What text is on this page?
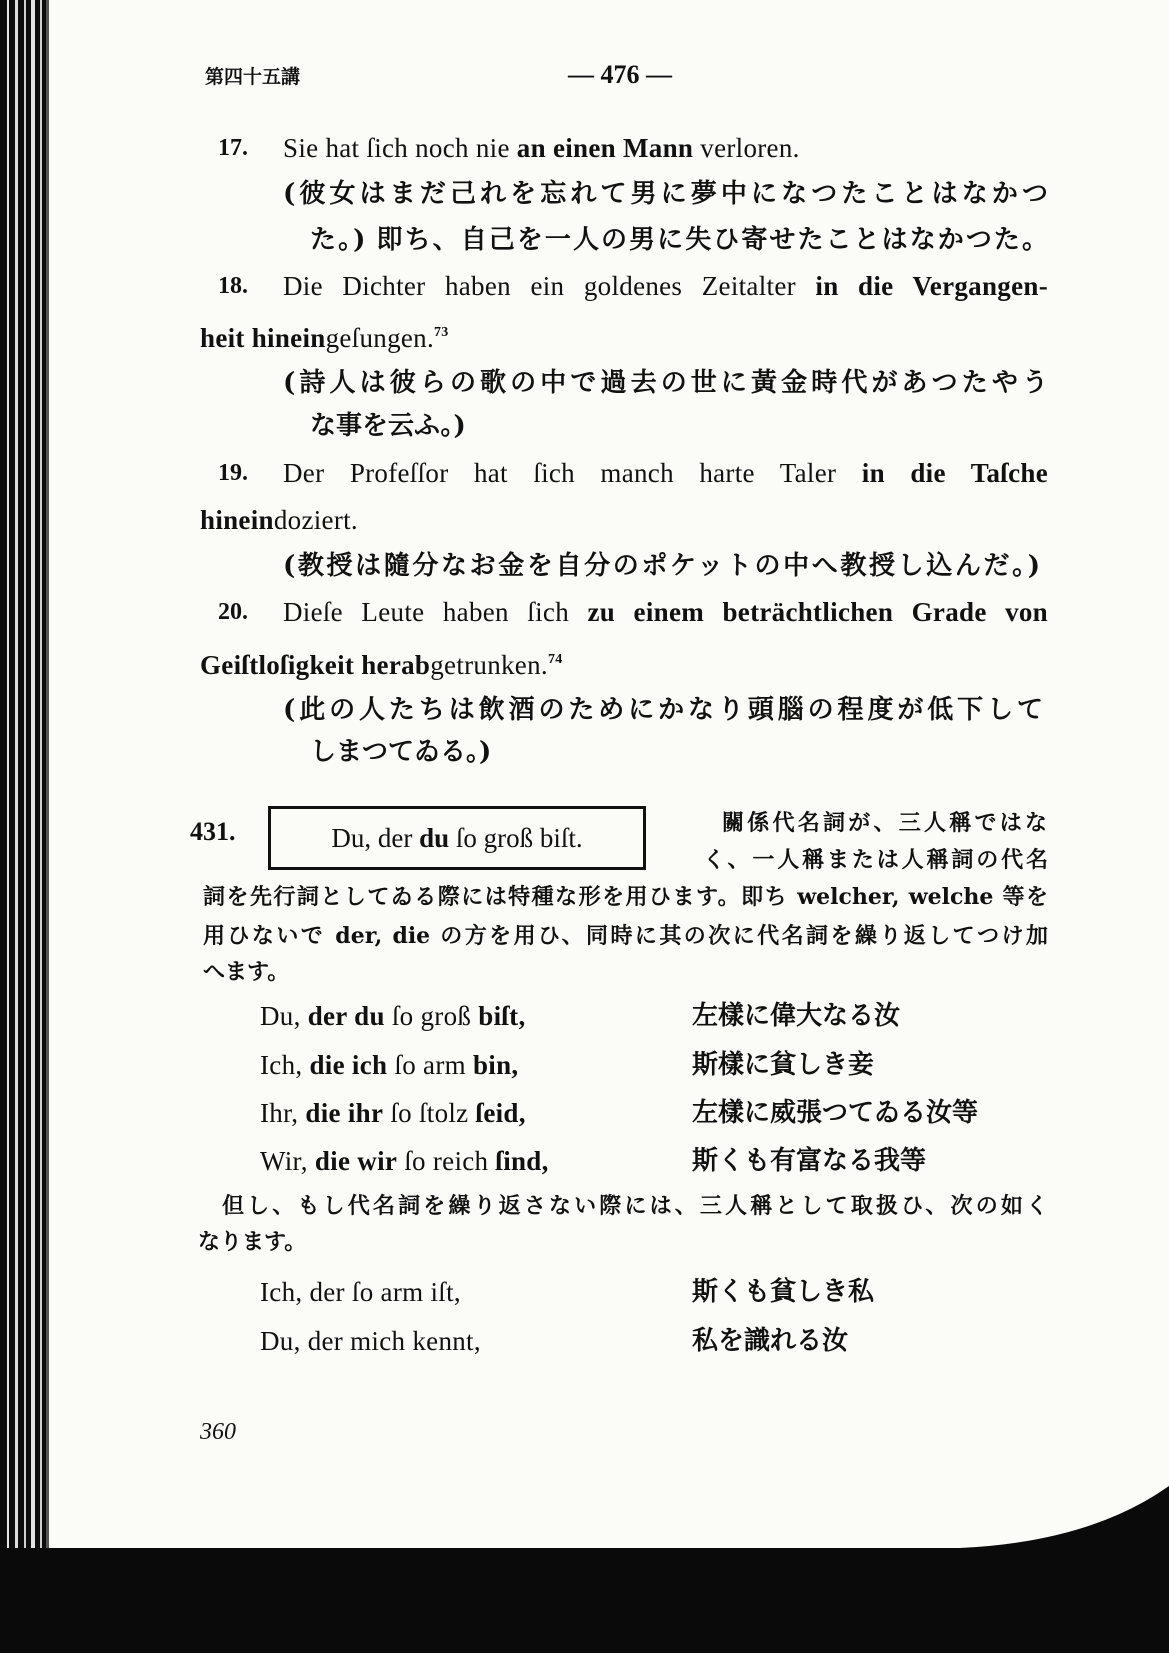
第四十五講	— 476 —
17. Sie hat ſich noch nie an einen Mann verloren.
(彼女はまだ己れを忘れて男に夢中になつたことはなかつ
た。) 即ち、自己を一人の男に失ひ寄せたことはなかつた。
18. Die Dichter haben ein goldenes Zeitalter in die Vergangen-
heit hineingeſungen.$^{73}$
(詩人は彼らの歌の中で過去の世に黃金時代があつたやう
な事を云ふ。)
19. Der Profeſſor hat ſich manch harte Taler in die Taſche
hineindoziert.
(教授は隨分なお金を自分のポケットの中へ教授し込んだ。)
20. Dieſe Leute haben ſich zu einem beträchtlichen Grade von
Geiſtloſigkeit herabgetrunken.$^{74}$
(此の人たちは飲酒のためにかなり頭腦の程度が低下して
しまつてゐる。)
431.	Du, der du ſo groß biſt.	關係代名詞が、三人稱ではな
く、一人稱または人稱詞の代名
詞を先行詞としてゐる際には特種な形を用ひます。即ち welcher, welche 等を
用ひないで der, die の方を用ひ、同時に其の次に代名詞を繰り返してつけ加
へます。
Du, der du ſo groß biſt,	左樣に偉大なる汝
Ich, die ich ſo arm bin,	斯樣に貧しき妾
Ihr, die ihr ſo ſtolz ſeid,	左樣に威張つてゐる汝等
Wir, die wir ſo reich ſind,	斯くも有富なる我等
但し、もし代名詞を繰り返さない際には、三人稱として取扱ひ、次の如く
なります。
Ich, der ſo arm iſt,	斯くも貧しき私
Du, der mich kennt,	私を識れる汝
360
